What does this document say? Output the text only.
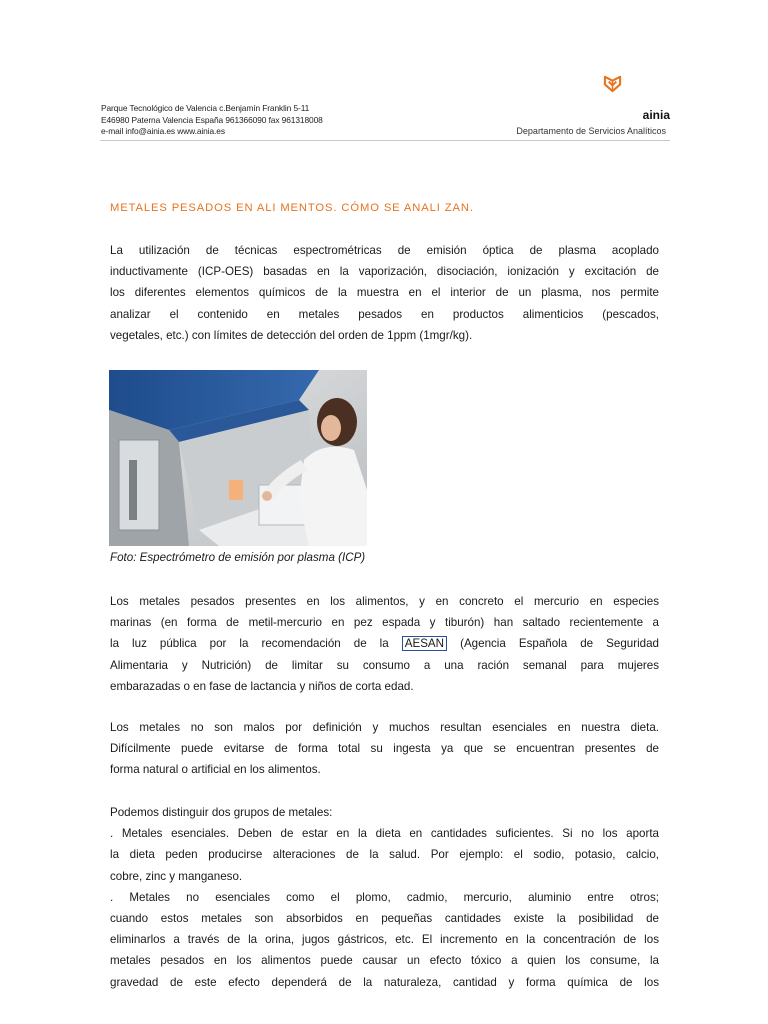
Parque Tecnológico de Valencia c.Benjamín Franklin 5-11
E46980 Paterna Valencia España 961366090 fax 961318008
e-mail info@ainia.es www.ainia.es
ainia
Departamento de Servicios Analíticos
METALES PESADOS EN ALI MENTOS. CÓMO SE ANALI ZAN.
La utilización de técnicas espectrométricas de emisión óptica de plasma acoplado
inductivamente (ICP-OES) basadas en la vaporización, disociación, ionización y excitación de
los diferentes elementos químicos de la muestra en el interior de un plasma, nos permite
analizar el contenido en metales pesados en productos alimenticios (pescados,
vegetales, etc.) con límites de detección del orden de 1ppm (1mgr/kg).
Foto: Espectrómetro de emisión por plasma (ICP)
Los metales pesados presentes en los alimentos, y en concreto el mercurio en especies
marinas (en forma de metil-mercurio en pez espada y tiburón) han saltado recientemente a
la luz pública por la recomendación de la AESAN (Agencia Española de Seguridad
Alimentaria y Nutrición) de limitar su consumo a una ración semanal para mujeres
embarazadas o en fase de lactancia y niños de corta edad.
Los metales no son malos por definición y muchos resultan esenciales en nuestra dieta.
Difícilmente puede evitarse de forma total su ingesta ya que se encuentran presentes de
forma natural o artificial en los alimentos.
Podemos distinguir dos grupos de metales:
. Metales esenciales. Deben de estar en la dieta en cantidades suficientes. Si no los aporta
la dieta peden producirse alteraciones de la salud. Por ejemplo: el sodio, potasio, calcio,
cobre, zinc y manganeso.
. Metales no esenciales como el plomo, cadmio, mercurio, aluminio entre otros;
cuando estos metales son absorbidos en pequeñas cantidades existe la posibilidad de
eliminarlos a través de la orina, jugos gástricos, etc. El incremento en la concentración de los
metales pesados en los alimentos puede causar un efecto tóxico a quien los consume, la
gravedad de este efecto dependerá de la naturaleza, cantidad y forma química de los
